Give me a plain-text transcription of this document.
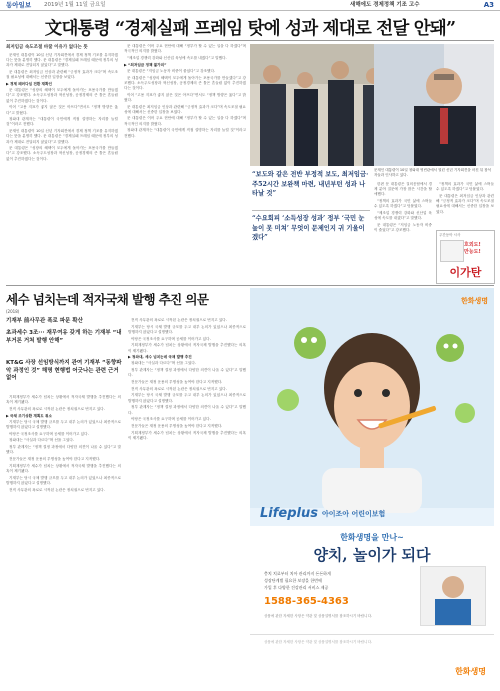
동아일보 2019년 1월 11일 금요일	새해에도 경제정책 기조 고수	A3
文대통령 “경제실패 프레임 탓에 성과 제대로 전달 안돼”
최저임금 속도조절 바꿀 이유가 없다는 뜻

문재인 대통령이 10일 신년 기자회견에서 경제 정책 기조를 유지하겠다는 뜻을 분명히 했다. 문 대통령은 “경제실패 프레임 때문에 정부의 성과가 제대로 전달되지 않았다”고 말했다.

문 대통령은 최저임금 인상과 관련해 “긍정적 효과가 크다”며 속도조절 필요성에 대해서는 신중한 입장을 보였다.

▶ 경제 패러다임 전환 재확인

문 대통령은 “성장의 혜택이 모두에게 돌아가는 포용국가를 만들겠다”고 강조했다. 소득주도성장과 혁신성장, 공정경제의 큰 틀은 흔들림 없이 추진하겠다는 것이다.

이어 “고용 지표가 좋지 않은 것은 아프다”면서도 “정책 방향은 옳다”고 밝혔다.

청와대 관계자는 “대통령이 국민에게 직접 설명하는 자리를 늘릴 것”이라고 전했다.

문재인 대통령이 10일 신년 기자회견에서 경제 정책 기조를 유지하겠다는 뜻을 분명히 했다. 문 대통령은 “경제실패 프레임 때문에 정부의 성과가 제대로 전달되지 않았다”고 말했다.

문 대통령은 “성장의 혜택이 모두에게 돌아가는 포용국가를 만들겠다”고 강조했다. 소득주도성장과 혁신성장, 공정경제의 큰 틀은 흔들림 없이 추진하겠다는 것이다.

문 대통령은 이어 주요 현안에 대해 “정부가 할 수 있는 일을 다 하겠다”며 적극적인 의지를 밝혔다.

“제조업 경쟁력 강화와 신산업 육성에 속도를 내겠다”고 말했다.

▶ “최저임금 정책 불가피”

문 대통령은 “저임금 노동자 비중이 줄었다”고 강조했다.

문 대통령은 “성장의 혜택이 모두에게 돌아가는 포용국가를 만들겠다”고 강조했다. 소득주도성장과 혁신성장, 공정경제의 큰 틀은 흔들림 없이 추진하겠다는 것이다.

이어 “고용 지표가 좋지 않은 것은 아프다”면서도 “정책 방향은 옳다”고 밝혔다.

문 대통령은 최저임금 인상과 관련해 “긍정적 효과가 크다”며 속도조절 필요성에 대해서는 신중한 입장을 보였다.

문 대통령은 이어 주요 현안에 대해 “정부가 할 수 있는 일을 다 하겠다”며 적극적인 의지를 밝혔다.

청와대 관계자는 “대통령이 국민에게 직접 설명하는 자리를 늘릴 것”이라고 전했다.

“보도와 같은 전반 부정적 보도, 최저임금·주52시간 보완책 마련, 내년부턴 성과 나타날 것”
“수요회피 ‘소득성장 성과’ 정부 ‘국민 눈높이 못 미쳐’ 무엇이 문제인지 귀 기울이겠다”
문재인 대통령이 10일 청와대 영빈관에서 열린 신년 기자회견을 마친 뒤 참석자들과 인사하고 있다.

한편 문 대통령은 질의응답에서 경제 분야 질문에 가장 많은 시간을 할애했다.

“정책의 효과가 국민 삶에 스며들 수 있도록 하겠다”고 덧붙였다.

“제조업 경쟁력 강화와 신산업 육성에 속도를 내겠다”고 말했다.

문 대통령은 “저임금 노동자 비중이 줄었다”고 강조했다.

“정책의 효과가 국민 삶에 스며들 수 있도록 하겠다”고 덧붙였다.

문 대통령은 최저임금 인상과 관련해 “긍정적 효과가 크다”며 속도조절 필요성에 대해서는 신중한 입장을 보였다.

주간동아 시사
호외도!
만능도!
이가탄
세수 넘치는데 적자국채 발행 추진 의문
(2018)
기재부 前사무관 폭로 파문 확산
초과세수 3조··· 재무여유 갖게 하는 기재부 “내부거론 거쳐 발행 안해”
KT&G 사장 선임방식까지 관여 기재부 “동향파악 과정인 것” 해명 현행법 어긋나는 관련 근거 없어

기획재정부가 세수가 넘치는 상황에서 적자국채 발행을 추진했다는 의혹이 제기됐다.

전직 사무관의 폭로로 시작된 논란은 정치권으로 번지고 있다.

▶ 국채 조기상환 계획도 취소

기재부는 당시 국채 발행 규모를 두고 내부 논의가 있었으나 최종적으로 발행하지 않았다고 설명했다.

야당은 국정조사를 요구하며 공세를 이어가고 있다.

청와대는 “사실과 다르다”며 선을 그었다.

정부 관계자는 “정책 결정 과정에서 다양한 의견이 나올 수 있다”고 말했다.

전문가들은 재정 운용의 투명성을 높여야 한다고 지적했다.

기획재정부가 세수가 넘치는 상황에서 적자국채 발행을 추진했다는 의혹이 제기됐다.

기재부는 당시 국채 발행 규모를 두고 내부 논의가 있었으나 최종적으로 발행하지 않았다고 설명했다.

전직 사무관의 폭로로 시작된 논란은 정치권으로 번지고 있다.

전직 사무관의 폭로로 시작된 논란은 정치권으로 번지고 있다.

기재부는 당시 국채 발행 규모를 두고 내부 논의가 있었으나 최종적으로 발행하지 않았다고 설명했다.

야당은 국정조사를 요구하며 공세를 이어가고 있다.

기획재정부가 세수가 넘치는 상황에서 적자국채 발행을 추진했다는 의혹이 제기됐다.

▶ 청와대, 세수 넘치는데 국채 발행 추진

청와대는 “사실과 다르다”며 선을 그었다.

정부 관계자는 “정책 결정 과정에서 다양한 의견이 나올 수 있다”고 말했다.

전문가들은 재정 운용의 투명성을 높여야 한다고 지적했다.

전직 사무관의 폭로로 시작된 논란은 정치권으로 번지고 있다.

기재부는 당시 국채 발행 규모를 두고 내부 논의가 있었으나 최종적으로 발행하지 않았다고 설명했다.

정부 관계자는 “정책 결정 과정에서 다양한 의견이 나올 수 있다”고 말했다.

야당은 국정조사를 요구하며 공세를 이어가고 있다.

전문가들은 재정 운용의 투명성을 높여야 한다고 지적했다.

기획재정부가 세수가 넘치는 상황에서 적자국채 발행을 추진했다는 의혹이 제기됐다.

한화생명
Lifeplus 아이조아 어린이보험
한화생명을 만나~
양치, 놀이가 되다
충치 치료부터 치아 관리까지 든든하게
성장단계별 필요한 보장을 한번에
가입 후 다양한 건강관리 서비스 제공
1588-365-4363
상품에 관한 자세한 사항은 약관 및 상품설명서를 참조하시기 바랍니다.
상품에 관한 자세한 사항은 약관 및 상품설명서를 참조하시기 바랍니다.
한화생명
